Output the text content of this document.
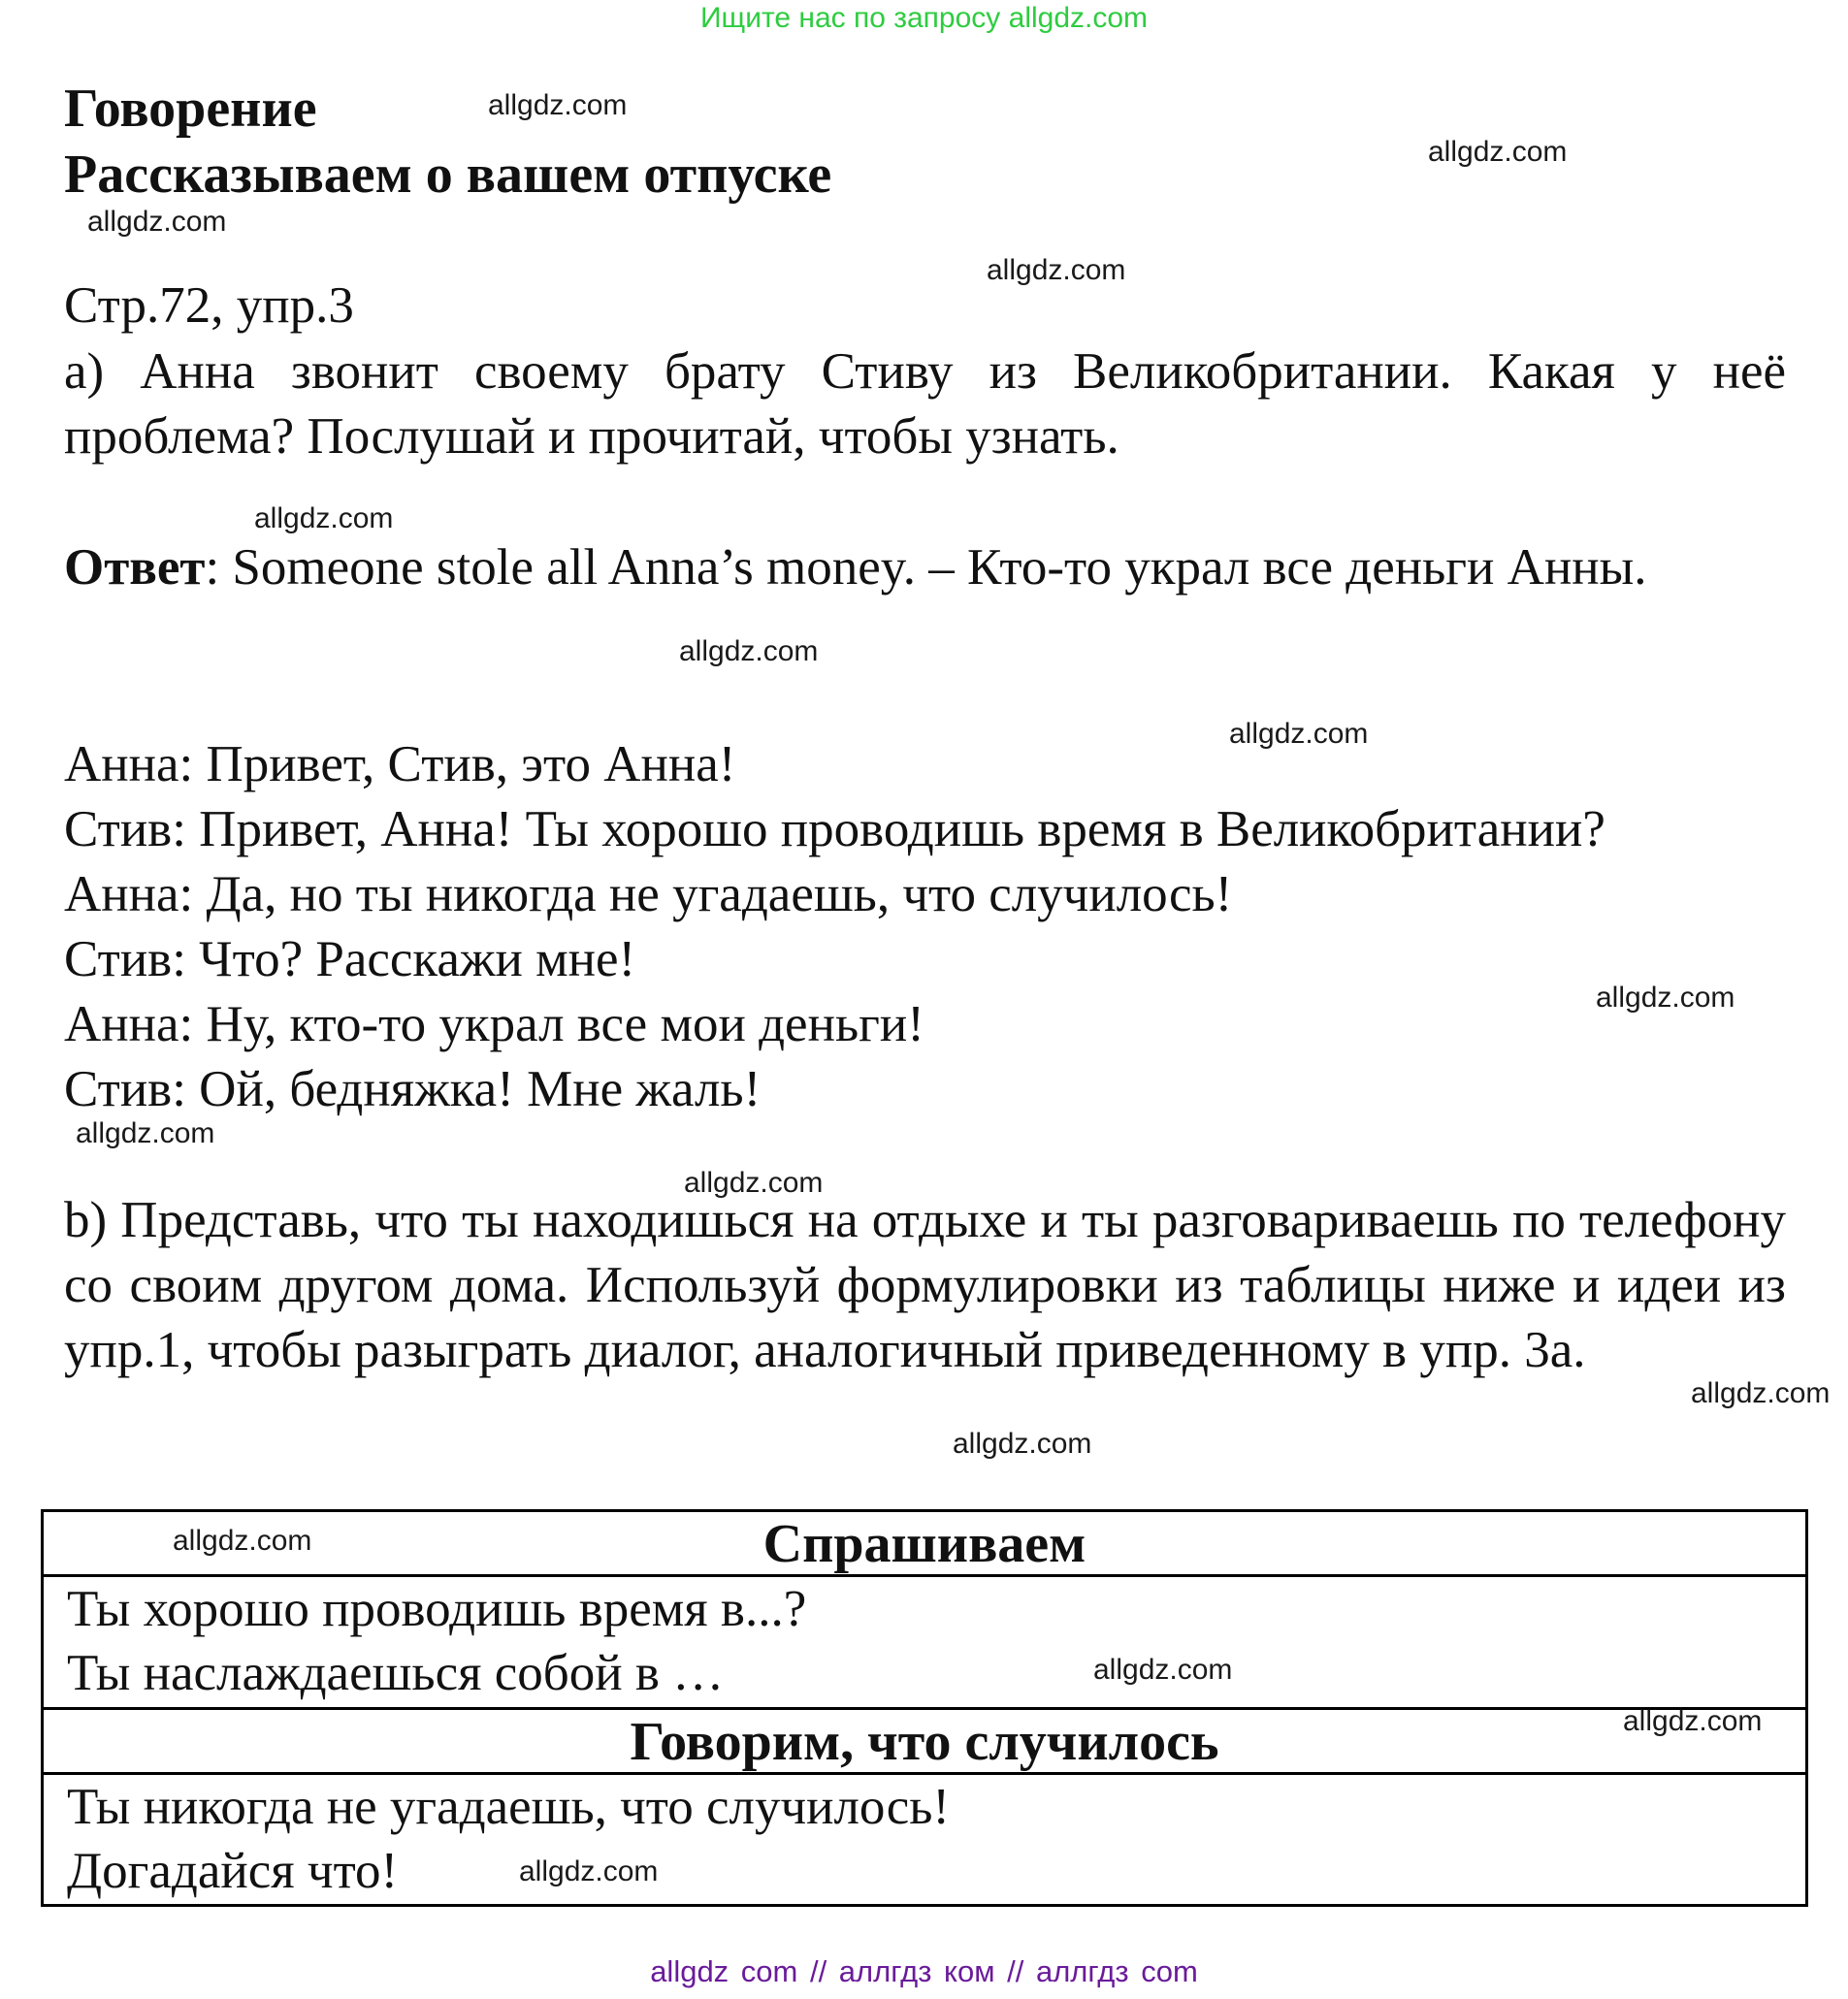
Ищите нас по запросу allgdz.com
Говорение
Рассказываем о вашем отпуске
Стр.72, упр.3
a) Анна звонит своему брату Стиву из Великобритании. Какая у неё проблема? Послушай и прочитай, чтобы узнать.
Ответ: Someone stole all Anna’s money. – Кто-то украл все деньги Анны.
Анна: Привет, Стив, это Анна!
Стив: Привет, Анна! Ты хорошо проводишь время в Великобритании?
Анна: Да, но ты никогда не угадаешь, что случилось!
Стив: Что? Расскажи мне!
Анна: Ну, кто-то украл все мои деньги!
Стив: Ой, бедняжка! Мне жаль!
b) Представь, что ты находишься на отдыхе и ты разговариваешь по телефону со своим другом дома. Используй формулировки из таблицы ниже и идеи из упр.1, чтобы разыграть диалог, аналогичный приведенному в упр. 3a.
Спрашиваем
Ты хорошо проводишь время в...?
Ты наслаждаешься собой в …
Говорим, что случилось
Ты никогда не угадаешь, что случилось!
Догадайся что!
allgdz.com
allgdz.com
allgdz.com
allgdz.com
allgdz.com
allgdz.com
allgdz.com
allgdz.com
allgdz.com
allgdz.com
allgdz.com
allgdz.com
allgdz.com
allgdz.com
allgdz.com
allgdz.com
allgdz com // аллгдз ком // аллгдз com
